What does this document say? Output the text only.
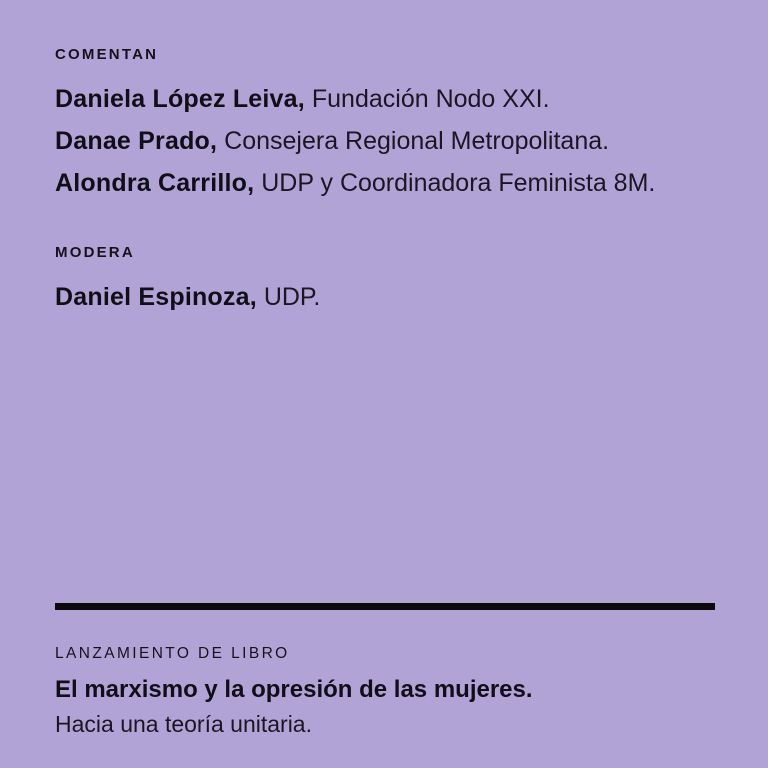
COMENTAN

Daniela López Leiva, Fundación Nodo XXI.

Danae Prado, Consejera Regional Metropolitana.

Alondra Carrillo, UDP y Coordinadora Feminista 8M.

MODERA

Daniel Espinoza, UDP.

LANZAMIENTO DE LIBRO

El marxismo y la opresión de las mujeres.

Hacia una teoría unitaria.
